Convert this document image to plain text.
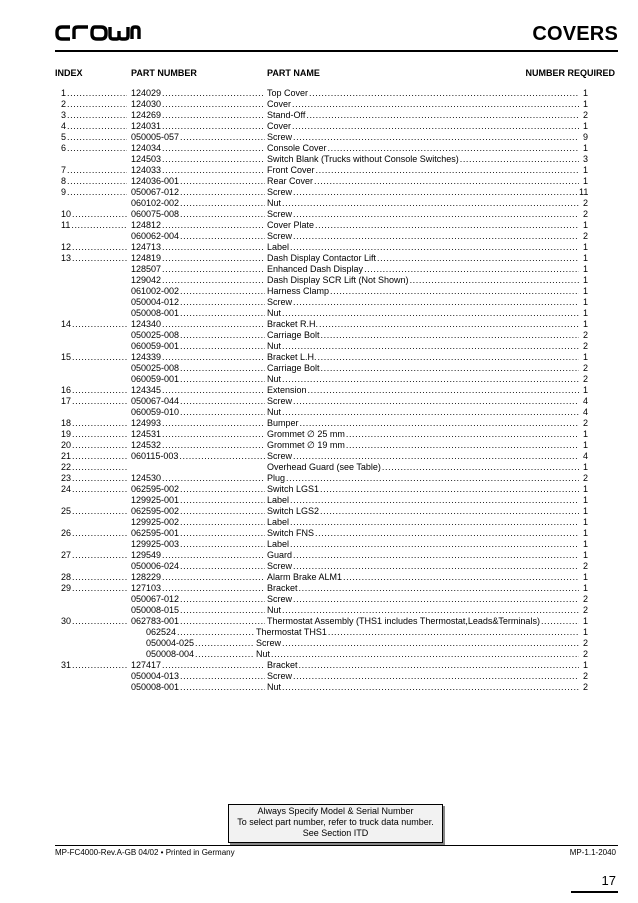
COVERS
INDEX	PART NUMBER	PART NAME	NUMBER REQUIRED
1 .....	124029 .....	Top Cover .....	1
2 .....	124030 .....	Cover .....	1
3 .....	124269 .....	Stand-Off .....	2
4 .....	124031 .....	Cover .....	1
5 .....	050005-057 .....	Screw .....	9
6 .....	124034 .....	Console Cover .....	1
124503 .....	Switch Blank (Trucks without Console Switches) .....	3
7 .....	124033 .....	Front Cover .....	1
8 .....	124036-001 .....	Rear Cover .....	1
9 .....	050067-012 .....	Screw .....	11
060102-002 .....	Nut .....	2
10 .....	060075-008 .....	Screw .....	2
11 .....	124812 .....	Cover Plate .....	1
060062-004 .....	Screw .....	2
12 .....	124713 .....	Label .....	1
13 .....	124819 .....	Dash Display Contactor Lift .....	1
128507 .....	Enhanced Dash Display .....	1
129042 .....	Dash Display SCR Lift (Not Shown) .....	1
061002-002 .....	Harness Clamp .....	1
050004-012 .....	Screw .....	1
050008-001 .....	Nut .....	1
14 .....	124340 .....	Bracket R.H. .....	1
050025-008 .....	Carriage Bolt .....	2
060059-001 .....	Nut .....	2
15 .....	124339 .....	Bracket L.H. .....	1
050025-008 .....	Carriage Bolt .....	2
060059-001 .....	Nut .....	2
16 .....	124345 .....	Extension .....	1
17 .....	050067-044 .....	Screw .....	4
060059-010 .....	Nut .....	4
18 .....	124993 .....	Bumper .....	2
19 .....	124531 .....	Grommet ∅ 25 mm .....	1
20 .....	124532 .....	Grommet ∅ 19 mm .....	1
21 .....	060115-003 .....	Screw .....	4
22 .....	Overhead Guard (see Table) .....	1
23 .....	124530 .....	Plug .....	2
24 .....	062595-002 .....	Switch LGS1 .....	1
129925-001 .....	Label .....	1
25 .....	062595-002 .....	Switch LGS2 .....	1
129925-002 .....	Label .....	1
26 .....	062595-001 .....	Switch FNS .....	1
129925-003 .....	Label .....	1
27 .....	129549 .....	Guard .....	1
050006-024 .....	Screw .....	2
28 .....	128229 .....	Alarm Brake ALM1 .....	1
29 .....	127103 .....	Bracket .....	1
050067-012 .....	Screw .....	2
050008-015 .....	Nut .....	2
30 .....	062783-001 .....	Thermostat Assembly (THS1 includes Thermostat,Leads&Terminals) .....	1
062524 .....	Thermostat THS1 .....	1
050004-025 .....	Screw .....	2
050008-004 .....	Nut .....	2
31 .....	127417 .....	Bracket .....	1
050004-013 .....	Screw .....	2
050008-001 .....	Nut .....	2
Always Specify Model & Serial Number
To select part number, refer to truck data number.
See Section ITD
MP-FC4000-Rev.A-GB 04/02 • Printed in Germany	MP-1.1-2040
17
